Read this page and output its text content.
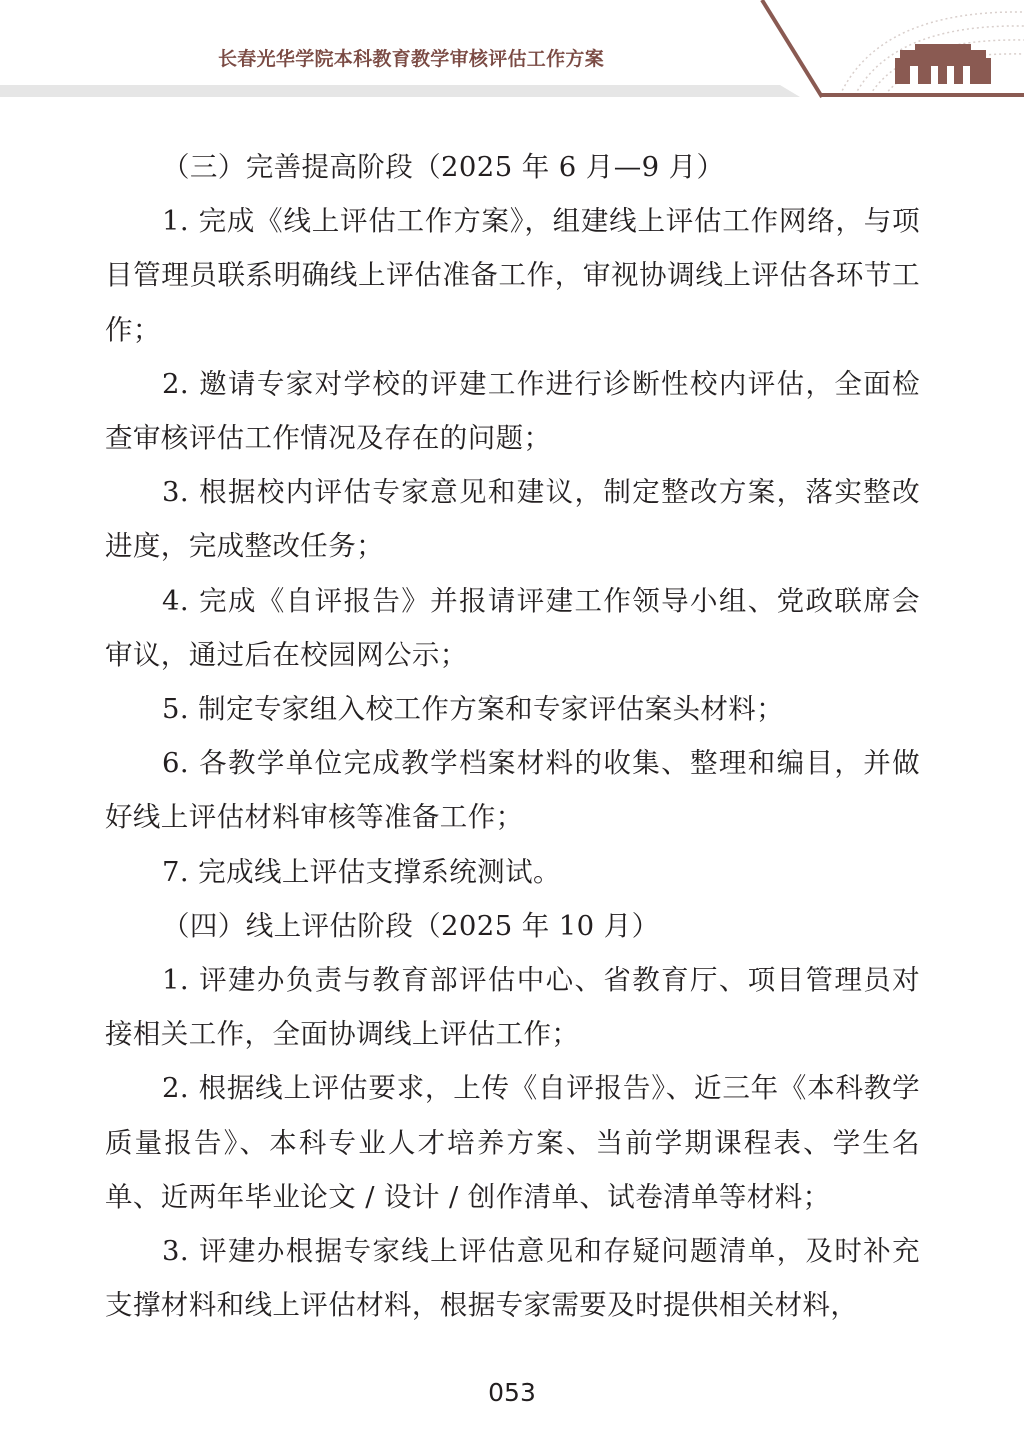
长春光华学院本科教育教学审核评估工作方案

（三）完善提高阶段（2025 年 6 月—9 月）

1. 完成《线上评估工作方案》，组建线上评估工作网络，与项目管理员联系明确线上评估准备工作，审视协调线上评估各环节工作；

2. 邀请专家对学校的评建工作进行诊断性校内评估，全面检查审核评估工作情况及存在的问题；

3. 根据校内评估专家意见和建议，制定整改方案，落实整改进度，完成整改任务；

4. 完成《自评报告》并报请评建工作领导小组、党政联席会审议，通过后在校园网公示；

5. 制定专家组入校工作方案和专家评估案头材料；

6. 各教学单位完成教学档案材料的收集、整理和编目，并做好线上评估材料审核等准备工作；

7. 完成线上评估支撑系统测试。

（四）线上评估阶段（2025 年 10 月）

1. 评建办负责与教育部评估中心、省教育厅、项目管理员对接相关工作，全面协调线上评估工作；

2. 根据线上评估要求，上传《自评报告》、近三年《本科教学质量报告》、本科专业人才培养方案、当前学期课程表、学生名单、近两年毕业论文 / 设计 / 创作清单、试卷清单等材料；

3. 评建办根据专家线上评估意见和存疑问题清单，及时补充支撑材料和线上评估材料，根据专家需要及时提供相关材料，

053
